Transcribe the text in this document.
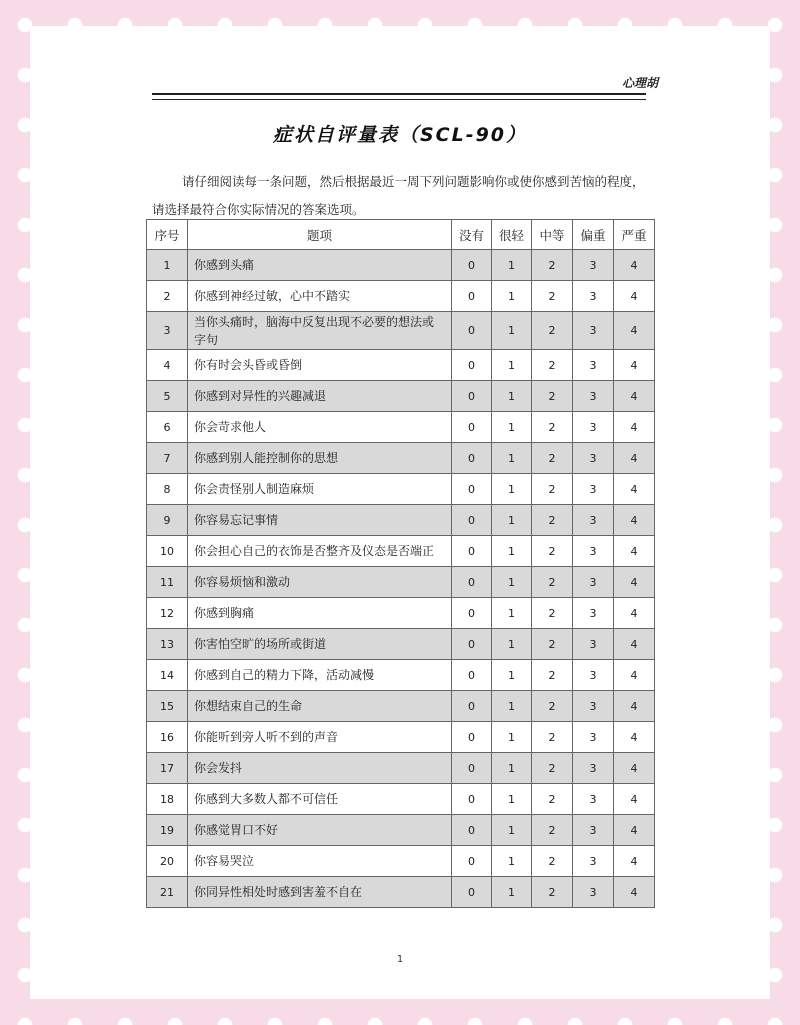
心理胡
症状自评量表（SCL-90）
请仔细阅读每一条问题，然后根据最近一周下列问题影响你或使你感到苦恼的程度，请选择最符合你实际情况的答案选项。
序号	题项	没有	很轻	中等	偏重	严重
1	你感到头痛	0	1	2	3	4
2	你感到神经过敏，心中不踏实	0	1	2	3	4
3	当你头痛时，脑海中反复出现不必要的想法或字句	0	1	2	3	4
4	你有时会头昏或昏倒	0	1	2	3	4
5	你感到对异性的兴趣减退	0	1	2	3	4
6	你会苛求他人	0	1	2	3	4
7	你感到别人能控制你的思想	0	1	2	3	4
8	你会责怪别人制造麻烦	0	1	2	3	4
9	你容易忘记事情	0	1	2	3	4
10	你会担心自己的衣饰是否整齐及仪态是否端正	0	1	2	3	4
11	你容易烦恼和激动	0	1	2	3	4
12	你感到胸痛	0	1	2	3	4
13	你害怕空旷的场所或街道	0	1	2	3	4
14	你感到自己的精力下降，活动减慢	0	1	2	3	4
15	你想结束自己的生命	0	1	2	3	4
16	你能听到旁人听不到的声音	0	1	2	3	4
17	你会发抖	0	1	2	3	4
18	你感到大多数人都不可信任	0	1	2	3	4
19	你感觉胃口不好	0	1	2	3	4
20	你容易哭泣	0	1	2	3	4
21	你同异性相处时感到害羞不自在	0	1	2	3	4
1
